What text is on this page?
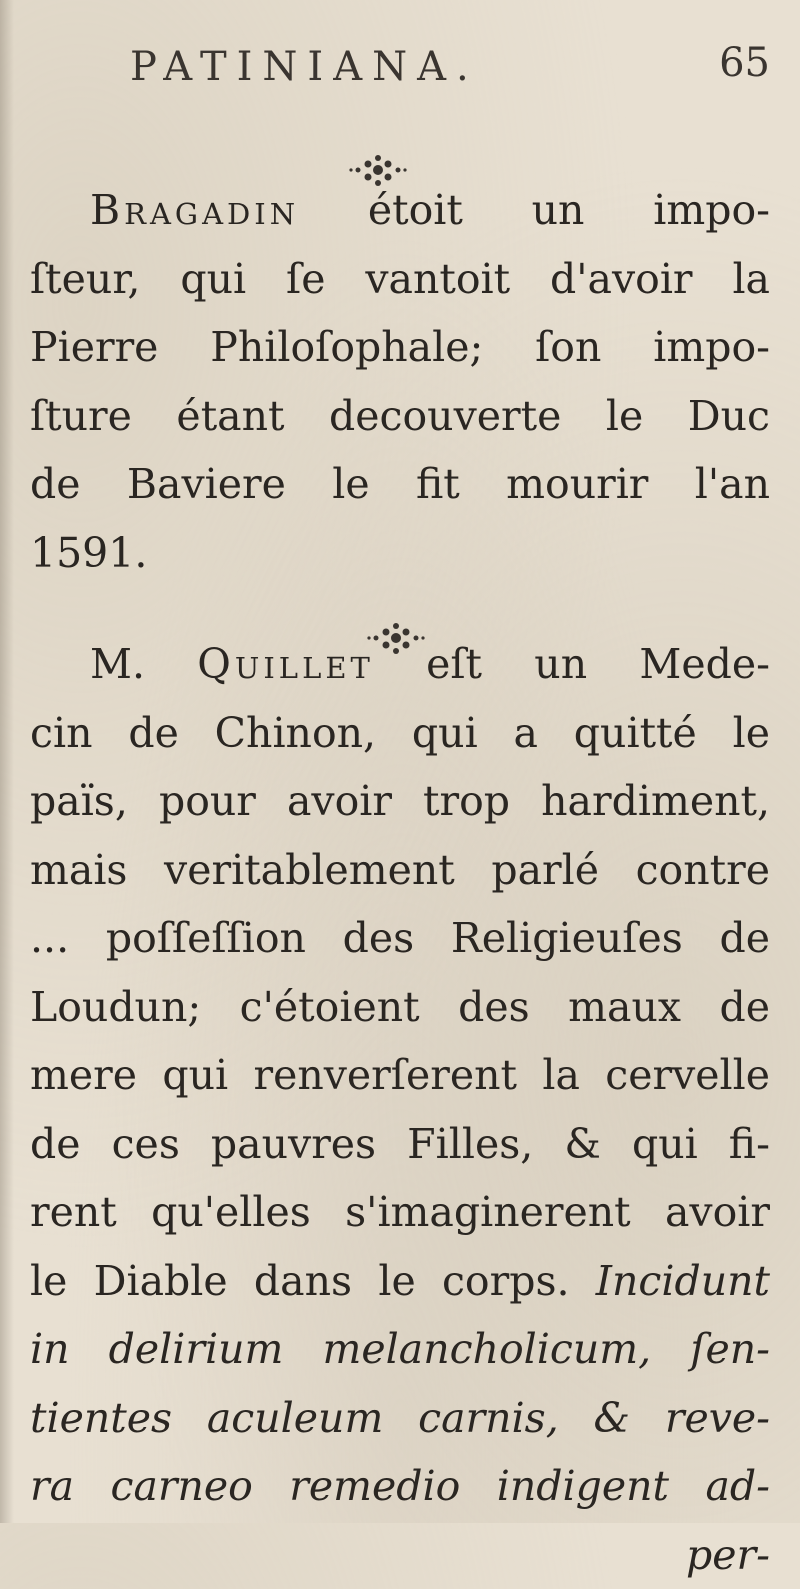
PATINIANA.	65
Bragadin étoit un impo-
ſteur, qui ſe vantoit d'avoir la
Pierre Philoſophale; ſon impo-
ſture étant decouverte le Duc
de Baviere le fit mourir l'an
1591.
M. Quillet eſt un Mede-
cin de Chinon, qui a quitté le
païs, pour avoir trop hardiment,
mais veritablement parlé contre
... poſſeſſion des Religieuſes de
Loudun; c'étoient des maux de
mere qui renverſerent la cervelle
de ces pauvres Filles, & qui fi-
rent qu'elles s'imaginerent avoir
le Diable dans le corps. Incidunt
in delirium melancholicum, ſen-
tientes aculeum carnis, & reve-
ra carneo remedio indigent ad-
per-
